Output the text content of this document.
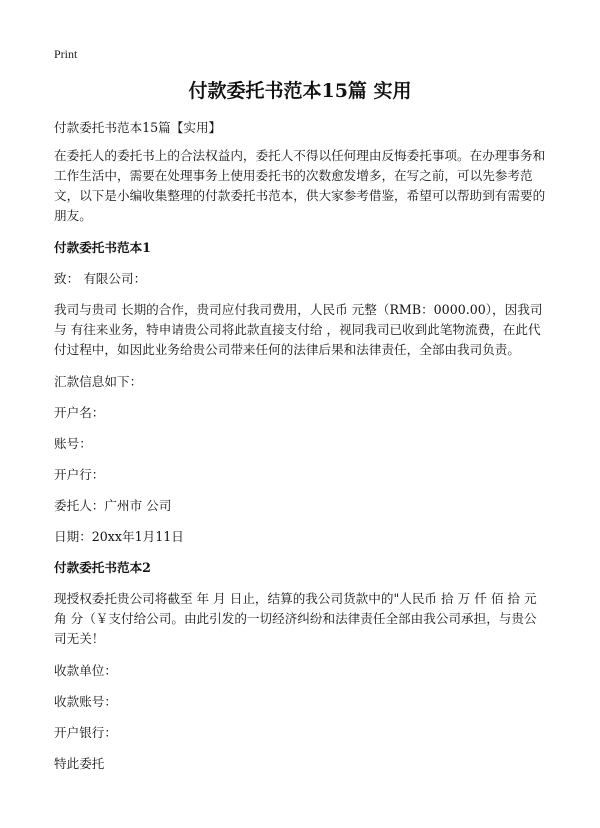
Print
付款委托书范本15篇 实用

付款委托书范本15篇【实用】

在委托人的委托书上的合法权益内，委托人不得以任何理由反悔委托事项。在办理事务和工作生活中，需要在处理事务上使用委托书的次数愈发增多，在写之前，可以先参考范文，以下是小编收集整理的付款委托书范本，供大家参考借鉴，希望可以帮助到有需要的朋友。

付款委托书范本1

致： 有限公司：

我司与贵司 长期的合作，贵司应付我司费用，人民币 元整（RMB：0000.00），因我司与 有往来业务，特申请贵公司将此款直接支付给 ，视同我司已收到此笔物流费，在此代付过程中，如因此业务给贵公司带来任何的法律后果和法律责任，全部由我司负责。

汇款信息如下：

开户名：

账号：

开户行：

委托人：广州市 公司

日期：20xx年1月11日

付款委托书范本2

现授权委托贵公司将截至 年 月 日止，结算的我公司货款中的"人民币 拾 万 仟 佰 拾 元 角 分（￥支付给公司。由此引发的一切经济纠纷和法律责任全部由我公司承担，与贵公司无关！

收款单位：

收款账号：

开户银行：

特此委托
